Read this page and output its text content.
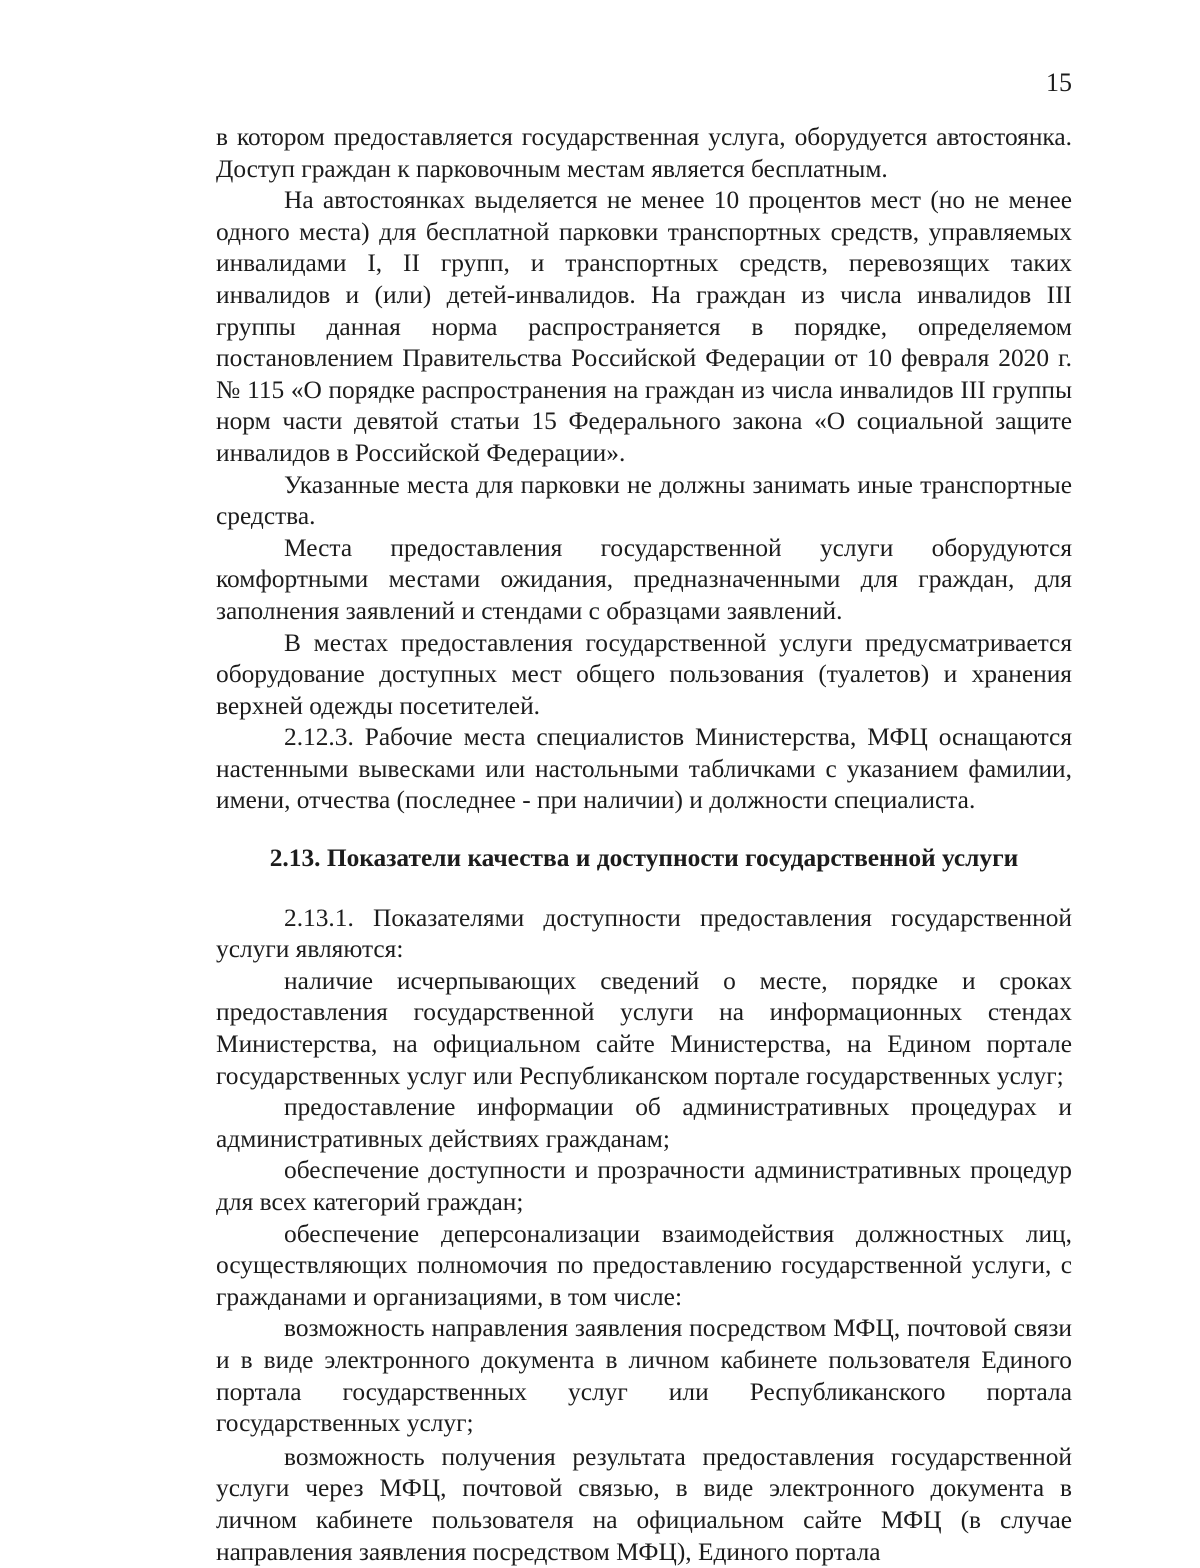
15

в котором предоставляется государственная услуга, оборудуется автостоянка. Доступ граждан к парковочным местам является бесплатным.

На автостоянках выделяется не менее 10 процентов мест (но не менее одного места) для бесплатной парковки транспортных средств, управляемых инвалидами I, II групп, и транспортных средств, перевозящих таких инвалидов и (или) детей-инвалидов. На граждан из числа инвалидов III группы данная норма распространяется в порядке, определяемом постановлением Правительства Российской Федерации от 10 февраля 2020 г. № 115 «О порядке распространения на граждан из числа инвалидов III группы норм части девятой статьи 15 Федерального закона «О социальной защите инвалидов в Российской Федерации».

Указанные места для парковки не должны занимать иные транспортные средства.

Места предоставления государственной услуги оборудуются комфортными местами ожидания, предназначенными для граждан, для заполнения заявлений и стендами с образцами заявлений.

В местах предоставления государственной услуги предусматривается оборудование доступных мест общего пользования (туалетов) и хранения верхней одежды посетителей.

2.12.3. Рабочие места специалистов Министерства, МФЦ оснащаются настенными вывесками или настольными табличками с указанием фамилии, имени, отчества (последнее - при наличии) и должности специалиста.

2.13. Показатели качества и доступности государственной услуги

2.13.1. Показателями доступности предоставления государственной услуги являются:

наличие исчерпывающих сведений о месте, порядке и сроках предоставления государственной услуги на информационных стендах Министерства, на официальном сайте Министерства, на Едином портале государственных услуг или Республиканском портале государственных услуг;

предоставление информации об административных процедурах и административных действиях гражданам;

обеспечение доступности и прозрачности административных процедур для всех категорий граждан;

обеспечение деперсонализации взаимодействия должностных лиц, осуществляющих полномочия по предоставлению государственной услуги, с гражданами и организациями, в том числе:

возможность направления заявления посредством МФЦ, почтовой связи и в виде электронного документа в личном кабинете пользователя Единого портала государственных услуг или Республиканского портала государственных услуг;

возможность получения результата предоставления государственной услуги через МФЦ, почтовой связью, в виде электронного документа в личном кабинете пользователя на официальном сайте МФЦ (в случае направления заявления посредством МФЦ), Единого портала
